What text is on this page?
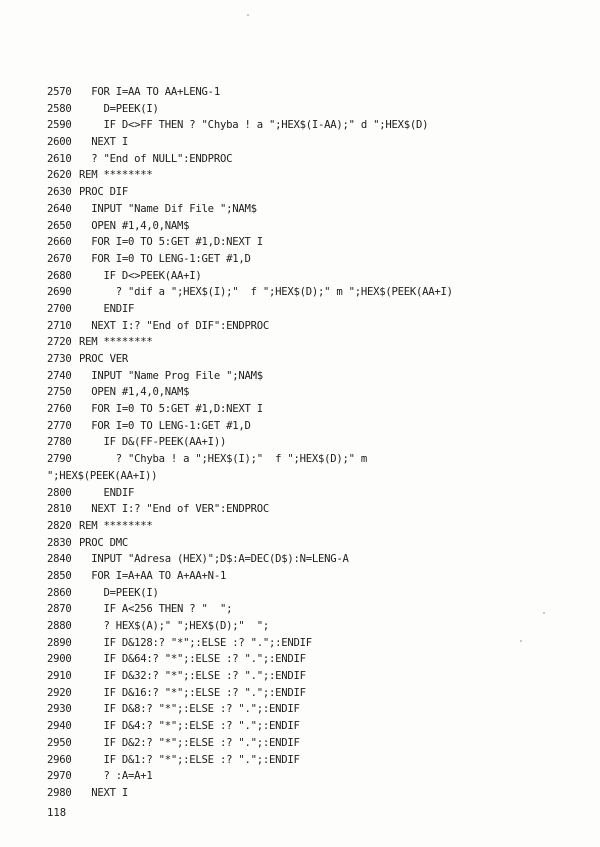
2570  FOR I=AA TO AA+LENG-1
2580    D=PEEK(I)
2590    IF D<>FF THEN ? "Chyba ! a ";HEX$(I-AA);" d ";HEX$(D)
2600  NEXT I
2610  ? "End of NULL":ENDPROC
2620 REM ********
2630 PROC DIF
2640  INPUT "Name Dif File ";NAM$
2650  OPEN #1,4,0,NAM$
2660  FOR I=0 TO 5:GET #1,D:NEXT I
2670  FOR I=0 TO LENG-1:GET #1,D
2680    IF D<>PEEK(AA+I)
2690      ? "dif a ";HEX$(I);"  f ";HEX$(D);" m ";HEX$(PEEK(AA+I)
2700    ENDIF
2710  NEXT I:? "End of DIF":ENDPROC
2720 REM ********
2730 PROC VER
2740  INPUT "Name Prog File ";NAM$
2750  OPEN #1,4,0,NAM$
2760  FOR I=0 TO 5:GET #1,D:NEXT I
2770  FOR I=0 TO LENG-1:GET #1,D
2780    IF D&(FF-PEEK(AA+I))
2790      ? "Chyba ! a ";HEX$(I);"  f ";HEX$(D);" m
";HEX$(PEEK(AA+I))
2800    ENDIF
2810  NEXT I:? "End of VER":ENDPROC
2820 REM ********
2830 PROC DMC
2840  INPUT "Adresa (HEX)";D$:A=DEC(D$):N=LENG-A
2850  FOR I=A+AA TO A+AA+N-1
2860    D=PEEK(I)
2870    IF A<256 THEN ? "  ";
2880    ? HEX$(A);" ";HEX$(D);"  ";
2890    IF D&128:? "*";:ELSE :? ".";:ENDIF
2900    IF D&64:? "*";:ELSE :? ".";:ENDIF
2910    IF D&32:? "*";:ELSE :? ".";:ENDIF
2920    IF D&16:? "*";:ELSE :? ".";:ENDIF
2930    IF D&8:? "*";:ELSE :? ".";:ENDIF
2940    IF D&4:? "*";:ELSE :? ".";:ENDIF
2950    IF D&2:? "*";:ELSE :? ".";:ENDIF
2960    IF D&1:? "*";:ELSE :? ".";:ENDIF
2970    ? :A=A+1
2980  NEXT I
118
